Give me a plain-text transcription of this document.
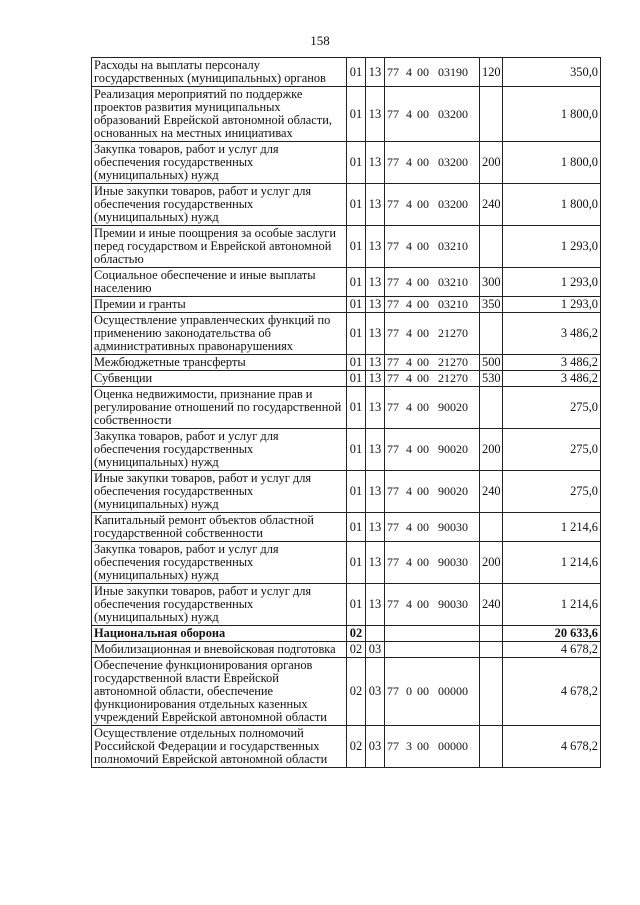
158
Расходы на выплаты персоналу государственных (муниципальных) органов	01	13	77 4 00 03190	120	350,0
Реализация мероприятий по поддержке проектов развития муниципальных образований Еврейской автономной области, основанных на местных инициативах	01	13	77 4 00 03200		1 800,0
Закупка товаров, работ и услуг для обеспечения государственных (муниципальных) нужд	01	13	77 4 00 03200	200	1 800,0
Иные закупки товаров, работ и услуг для обеспечения государственных (муниципальных) нужд	01	13	77 4 00 03200	240	1 800,0
Премии и иные поощрения за особые заслуги перед государством и Еврейской автономной областью	01	13	77 4 00 03210		1 293,0
Социальное обеспечение и иные выплаты населению	01	13	77 4 00 03210	300	1 293,0
Премии и гранты	01	13	77 4 00 03210	350	1 293,0
Осуществление управленческих функций по применению законодательства об административных правонарушениях	01	13	77 4 00 21270		3 486,2
Межбюджетные трансферты	01	13	77 4 00 21270	500	3 486,2
Субвенции	01	13	77 4 00 21270	530	3 486,2
Оценка недвижимости, признание прав и регулирование отношений по государственной собственности	01	13	77 4 00 90020		275,0
Закупка товаров, работ и услуг для обеспечения государственных (муниципальных) нужд	01	13	77 4 00 90020	200	275,0
Иные закупки товаров, работ и услуг для обеспечения государственных (муниципальных) нужд	01	13	77 4 00 90020	240	275,0
Капитальный ремонт объектов областной государственной собственности	01	13	77 4 00 90030		1 214,6
Закупка товаров, работ и услуг для обеспечения государственных (муниципальных) нужд	01	13	77 4 00 90030	200	1 214,6
Иные закупки товаров, работ и услуг для обеспечения государственных (муниципальных) нужд	01	13	77 4 00 90030	240	1 214,6
Национальная оборона	02				20 633,6
Мобилизационная и вневойсковая подготовка	02	03			4 678,2
Обеспечение функционирования органов государственной власти Еврейской автономной области, обеспечение функционирования отдельных казенных учреждений Еврейской автономной области	02	03	77 0 00 00000		4 678,2
Осуществление отдельных полномочий Российской Федерации и государственных полномочий Еврейской автономной области	02	03	77 3 00 00000		4 678,2
